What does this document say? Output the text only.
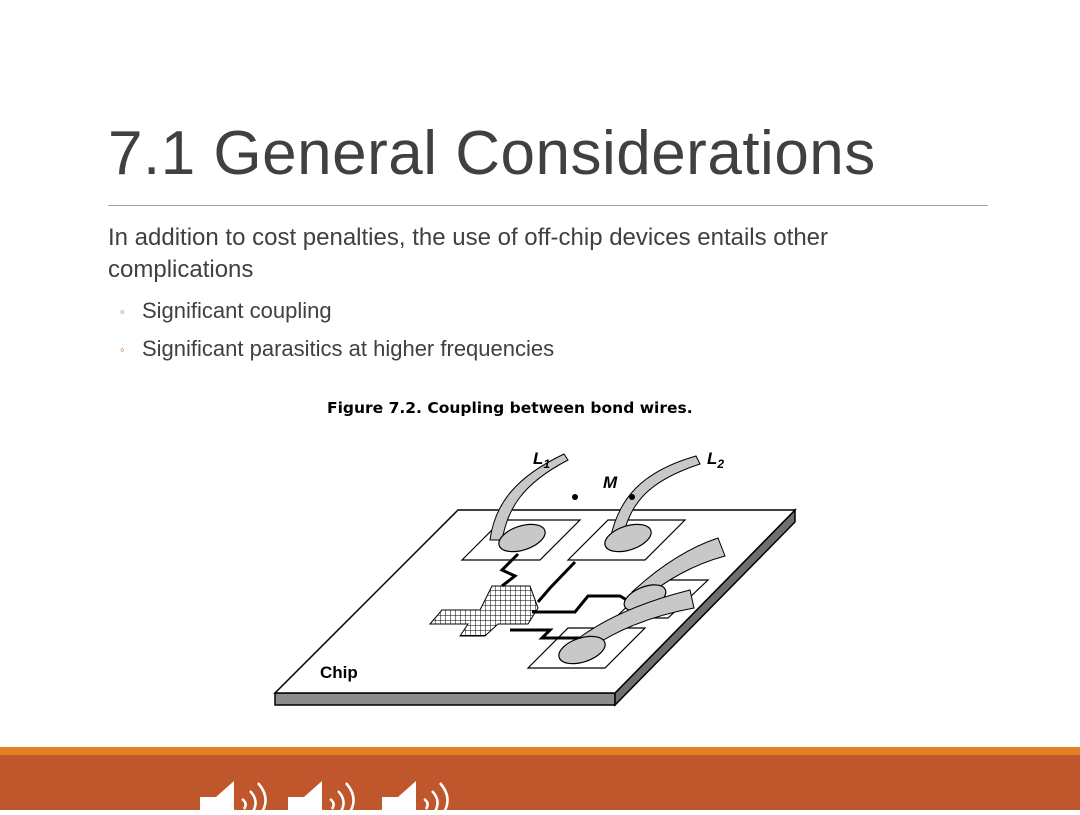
7.1 General Considerations
In addition to cost penalties, the use of off-chip devices entails other complications
◦ Significant coupling
◦ Significant parasitics at higher frequencies
Figure 7.2. Coupling between bond wires.
$L_1$	$L_2$
M
Chip
